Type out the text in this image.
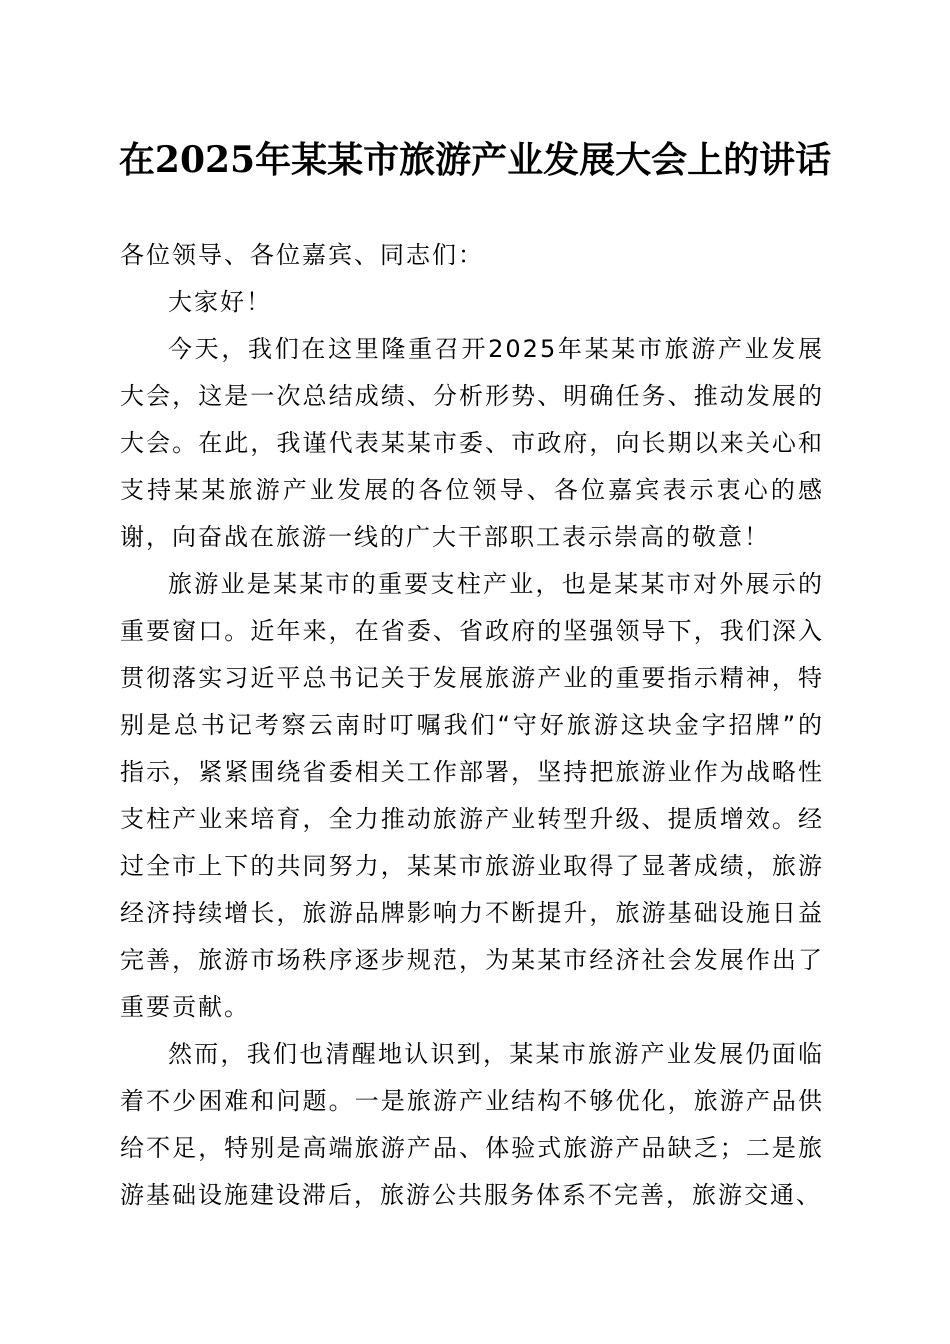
在2025年某某市旅游产业发展大会上的讲话

各位领导、各位嘉宾、同志们：

大家好！

今天，我们在这里隆重召开2025年某某市旅游产业发展大会，这是一次总结成绩、分析形势、明确任务、推动发展的大会。在此，我谨代表某某市委、市政府，向长期以来关心和支持某某旅游产业发展的各位领导、各位嘉宾表示衷心的感谢，向奋战在旅游一线的广大干部职工表示崇高的敬意！

旅游业是某某市的重要支柱产业，也是某某市对外展示的重要窗口。近年来，在省委、省政府的坚强领导下，我们深入贯彻落实习近平总书记关于发展旅游产业的重要指示精神，特别是总书记考察云南时叮嘱我们“守好旅游这块金字招牌”的指示，紧紧围绕省委相关工作部署，坚持把旅游业作为战略性支柱产业来培育，全力推动旅游产业转型升级、提质增效。经过全市上下的共同努力，某某市旅游业取得了显著成绩，旅游经济持续增长，旅游品牌影响力不断提升，旅游基础设施日益完善，旅游市场秩序逐步规范，为某某市经济社会发展作出了重要贡献。

然而，我们也清醒地认识到，某某市旅游产业发展仍面临着不少困难和问题。一是旅游产业结构不够优化，旅游产品供给不足，特别是高端旅游产品、体验式旅游产品缺乏；二是旅游基础设施建设滞后，旅游公共服务体系不完善，旅游交通、
